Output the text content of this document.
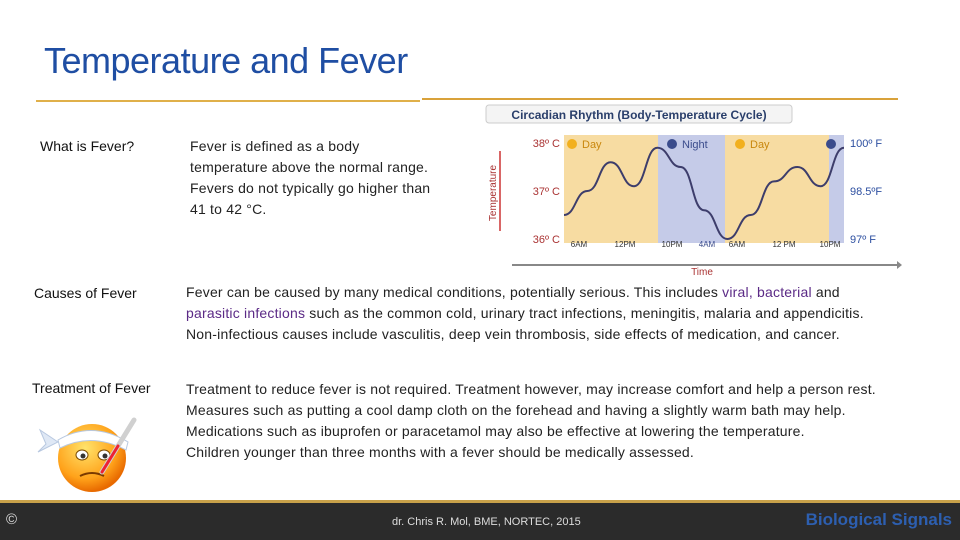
Temperature and Fever
What is Fever?	Fever is defined as a body temperature above the normal range. Fevers do not typically go higher than 41 to 42 °C.
Circadian Rhythm (Body-Temperature Cycle)
Day	Night	Day
38º C
37º C
36º C
100º F
98.5ºF
97º F
6AM	12PM	10PM 4AM 6AM	12 PM	10PM
Temperature
Time
Causes of Fever	Fever can be caused by many medical conditions, potentially serious. This includes viral, bacterial and parasitic infections such as the common cold, urinary tract infections, meningitis, malaria and appendicitis. Non-infectious causes include vasculitis, deep vein thrombosis, side effects of medication, and cancer.
Treatment of Fever	Treatment to reduce fever is not required. Treatment however, may increase comfort and help a person rest. Measures such as putting a cool damp cloth on the forehead and having a slightly warm bath may help. Medications such as ibuprofen or paracetamol may also be effective at lowering the temperature.
Children younger than three months with a fever should be medically assessed.
©	dr. Chris R. Mol, BME, NORTEC, 2015	Biological Signals
